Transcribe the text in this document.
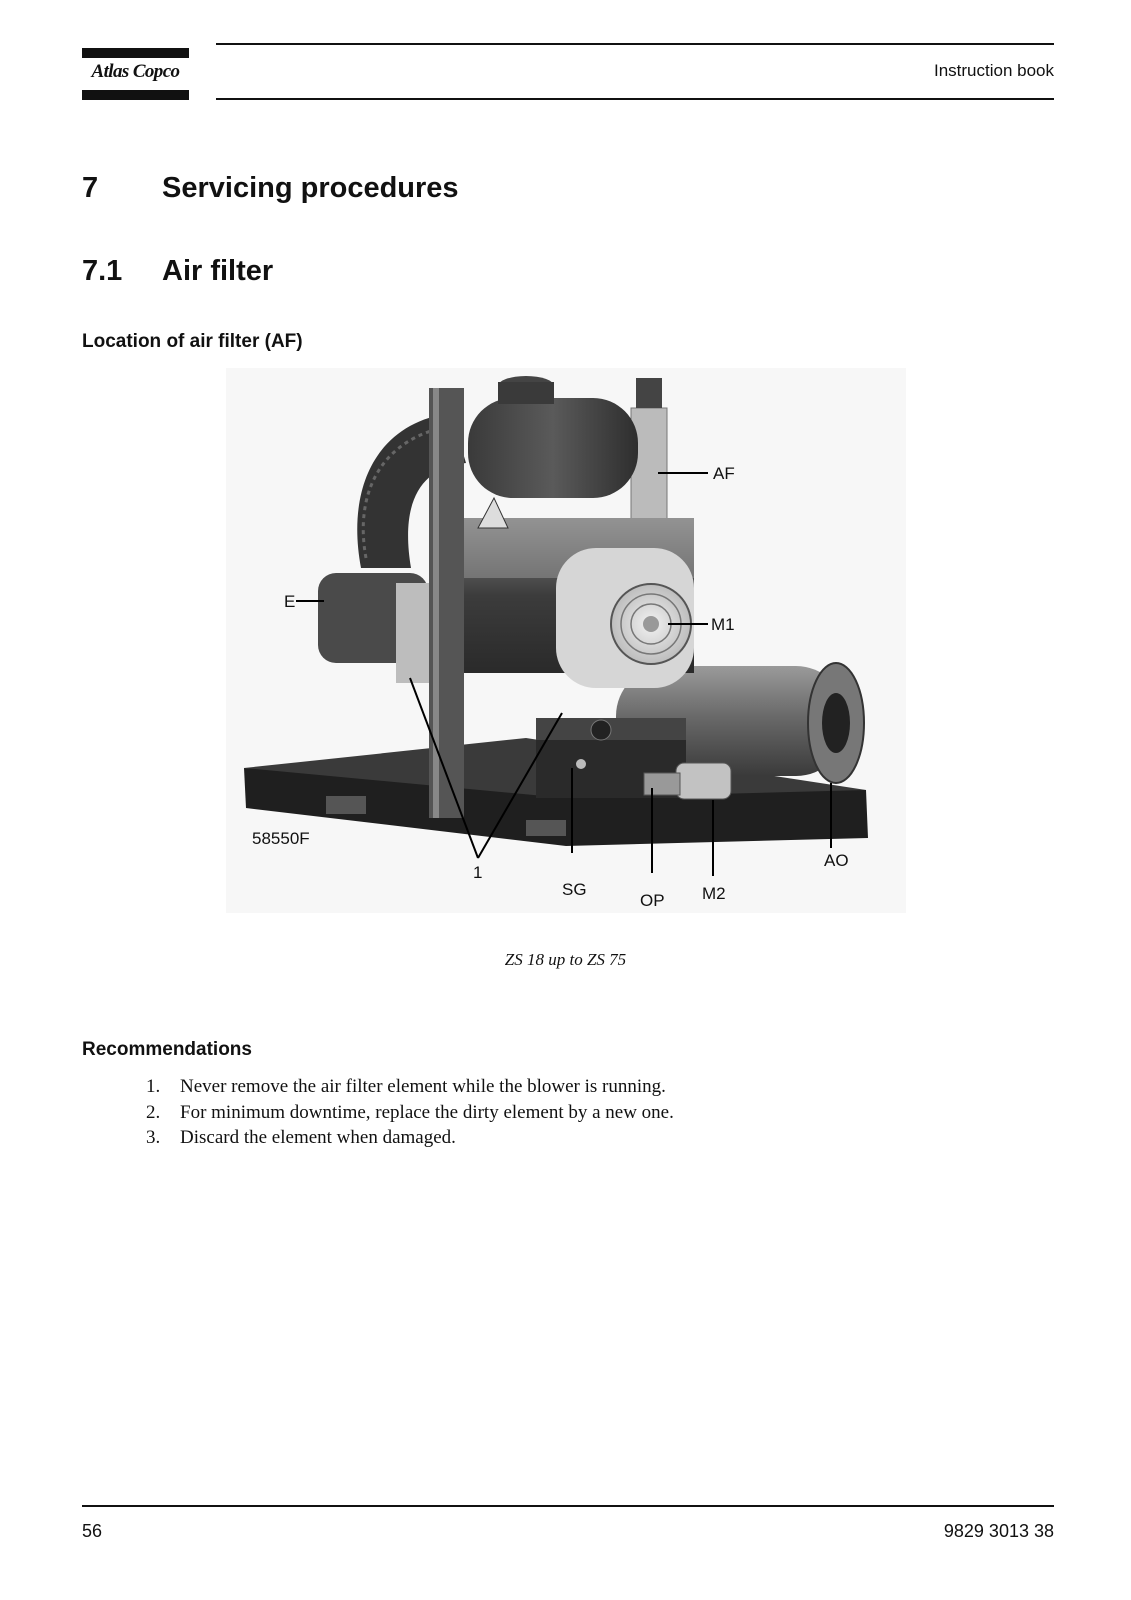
Atlas Copco	Instruction book
7 Servicing procedures
7.1 Air filter
Location of air filter (AF)
AF
E
M1
AO
58550F
1
SG
OP M2
ZS 18 up to ZS 75
Recommendations
1. Never remove the air filter element while the blower is running.
2. For minimum downtime, replace the dirty element by a new one.
3. Discard the element when damaged.
56	9829 3013 38
